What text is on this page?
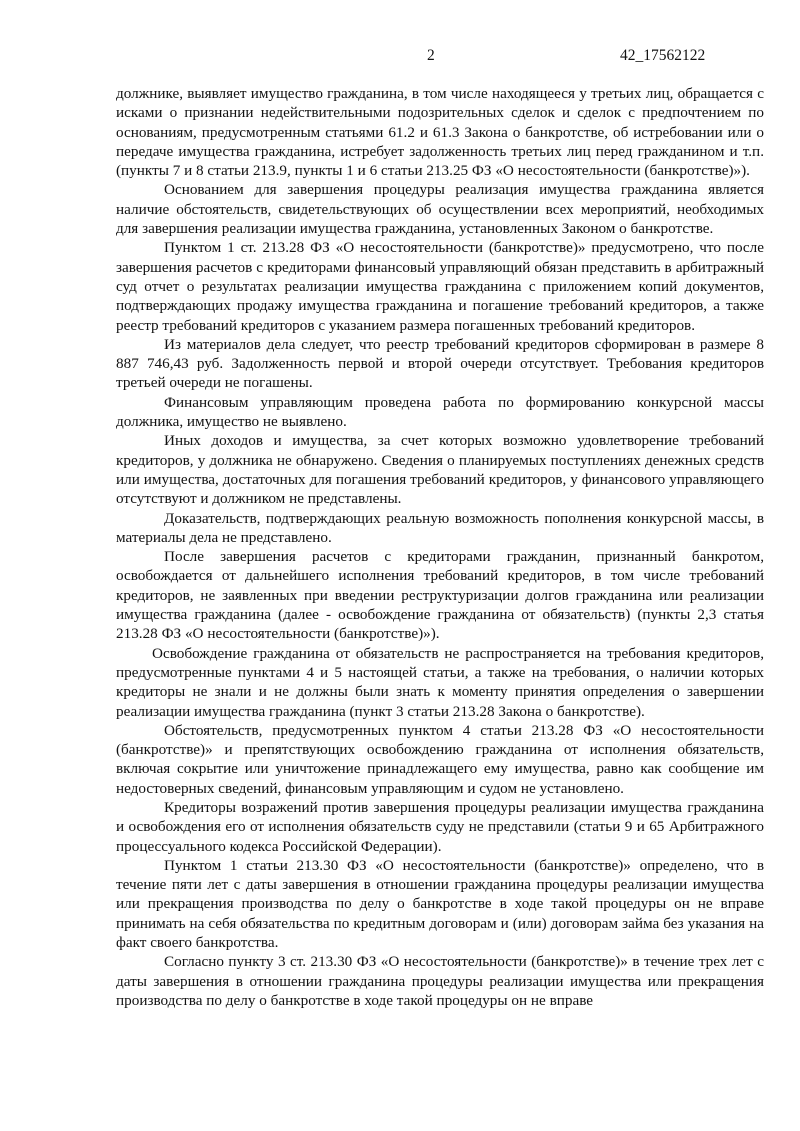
2	42_17562122

должнике, выявляет имущество гражданина, в том числе находящееся у третьих лиц, обращается с исками о признании недействительными подозрительных сделок и сделок с предпочтением по основаниям, предусмотренным статьями 61.2 и 61.3 Закона о банкротстве, об истребовании или о передаче имущества гражданина, истребует задолженность третьих лиц перед гражданином и т.п. (пункты 7 и 8 статьи 213.9, пункты 1 и 6 статьи 213.25 ФЗ «О несостоятельности (банкротстве)»).

Основанием для завершения процедуры реализация имущества гражданина является наличие обстоятельств, свидетельствующих об осуществлении всех мероприятий, необходимых для завершения реализации имущества гражданина, установленных Законом о банкротстве.

Пунктом 1 ст. 213.28 ФЗ «О несостоятельности (банкротстве)» предусмотрено, что после завершения расчетов с кредиторами финансовый управляющий обязан представить в арбитражный суд отчет о результатах реализации имущества гражданина с приложением копий документов, подтверждающих продажу имущества гражданина и погашение требований кредиторов, а также реестр требований кредиторов с указанием размера погашенных требований кредиторов.

Из материалов дела следует, что реестр требований кредиторов сформирован в размере 8 887 746,43 руб. Задолженность первой и второй очереди отсутствует. Требования кредиторов третьей очереди не погашены.

Финансовым управляющим проведена работа по формированию конкурсной массы должника, имущество не выявлено.

Иных доходов и имущества, за счет которых возможно удовлетворение требований кредиторов, у должника не обнаружено. Сведения о планируемых поступлениях денежных средств или имущества, достаточных для погашения требований кредиторов, у финансового управляющего отсутствуют и должником не представлены.

Доказательств, подтверждающих реальную возможность пополнения конкурсной массы, в материалы дела не представлено.

После завершения расчетов с кредиторами гражданин, признанный банкротом, освобождается от дальнейшего исполнения требований кредиторов, в том числе требований кредиторов, не заявленных при введении реструктуризации долгов гражданина или реализации имущества гражданина (далее - освобождение гражданина от обязательств) (пункты 2,3 статья 213.28 ФЗ «О несостоятельности (банкротстве)»).

Освобождение гражданина от обязательств не распространяется на требования кредиторов, предусмотренные пунктами 4 и 5 настоящей статьи, а также на требования, о наличии которых кредиторы не знали и не должны были знать к моменту принятия определения о завершении реализации имущества гражданина (пункт 3 статьи 213.28 Закона о банкротстве).

Обстоятельств, предусмотренных пунктом 4 статьи 213.28 ФЗ «О несостоятельности (банкротстве)» и препятствующих освобождению гражданина от исполнения обязательств, включая сокрытие или уничтожение принадлежащего ему имущества, равно как сообщение им недостоверных сведений, финансовым управляющим и судом не установлено.

Кредиторы возражений против завершения процедуры реализации имущества гражданина и освобождения его от исполнения обязательств суду не представили (статьи 9 и 65 Арбитражного процессуального кодекса Российской Федерации).

Пунктом 1 статьи 213.30 ФЗ «О несостоятельности (банкротстве)» определено, что в течение пяти лет с даты завершения в отношении гражданина процедуры реализации имущества или прекращения производства по делу о банкротстве в ходе такой процедуры он не вправе принимать на себя обязательства по кредитным договорам и (или) договорам займа без указания на факт своего банкротства.

Согласно пункту 3 ст. 213.30 ФЗ «О несостоятельности (банкротстве)» в течение трех лет с даты завершения в отношении гражданина процедуры реализации имущества или прекращения производства по делу о банкротстве в ходе такой процедуры он не вправе
